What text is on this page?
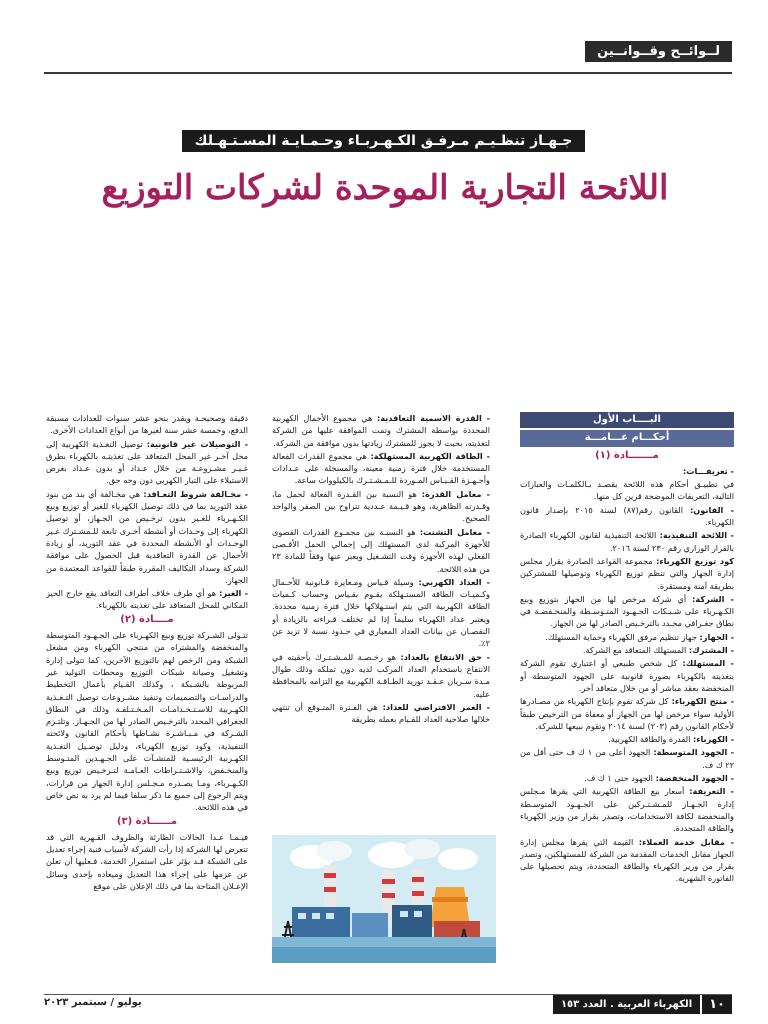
لــوائــح وقــوانــين
جـهـاز تنظـيـم مـرفـق الكـهـربـاء وحـمـايـة المسـتـهـلك
اللائحة التجارية الموحدة لشركات التوزيع
البــــاب الأول
أحكـــام عـــامـــة
مـــــــادة (١)

- تعريفـــات:

في تطبيـق أحكام هذه اللائحة يقصـد بـالكلمـات والعبارات التالية، التعريفات الموضحة قرين كل منها.

- القانون: القانون رقم(٨٧) لسنة ٢٠١٥ بإصدار قانون الكهرباء.

- اللائحة التنفيذية: اللائحة التنفيذية لقانون الكهرباء الصادرة بالقرار الوزاري رقم ٢٣٠ لسنة ٢٠١٦.

كود توزيع الكهرباء: مجموعة القواعد الصادرة بقرار مجلس إدارة الجهاز والتي تنظم توزيع الكهرباء وتوصيلها للمشتركين بطريقة آمنة ومستقرة.

- الشركة: أي شركة مرخص لها من الجهاز بتوزيع وبيع الكـهـرباء على شـبـكات الجـهـود المتـوسـطة والمنخـفضـة في نطاق جغـرافي محـدد بالترخـيص الصادر لها من الجهاز.

- الجهاز: جهاز تنظيم مرفق الكهرباء وحماية المستهلك.

- المشترك: المستهلك المتعاقد مع الشركة.

- المستهلك: كل شخص طبيعي أو اعتباري تقوم الشركة بتغذيته بالكهرباء بصورة قانونية على الجهود المتوسطة أو المنخفضة بعقد مباشر أو من خلال متعاقد آخر.

- منتج الكهرباء: كل شركة تقوم بإنتاج الكهرباء من مصـادرها الأولية سواء مرخص لها من الجهاز أو معفاة من الترخيص طبقاً لأحكام القانون رقم (٢٠٣) لسنة ٢٠١٤ وتقوم ببيعها للشركة.

- الكهرباء: القدرة والطاقة الكهربية.

- الجهود المتوسطة: الجهود أعلى من ١ ك ف حتى أقل من ٢٢ ك ف.

- الجهود المنخفضة: الجهود حتى ١ ك ف.

- التعريفة: أسعار بيع الطاقة الكهربية التي يقرها مـجلس إدارة الجـهـاز للمـشـتـركين على الجـهـود المتوسـطة والمنخفضة لكافة الاستخدامات، وتصدر بقرار من وزير الكهرباء والطاقة المتجددة.

- مقابل خدمة العملاء: القيمة التي يقرها مجلس إدارة الجهاز مقابل الخدمات المقدمة من الشركة للمستهلكين، وتصدر بقرار من وزير الكهرباء والطاقة المتجددة، ويتم تحصيلها على الفاتورة الشهرية.

- القدرة الاسمية التعاقدية: هي مجموع الأحمال الكهربية المحددة بواسطة المشترك وتمت الموافقة عليها من الشركة لتغذيته، بحيث لا يجوز للمشترك زيادتها بدون موافقة من الشركة.

- الطاقة الكهربية المستهلكة: هي مجموع القدرات الفعالة المستخدمة خلال فترة زمنية معينة، والمسجلة على عـدادات وأجـهـزة القـيـاس المـوردة للـمـشـتـرك بالكيلووات ساعة.

- معامل القدرة: هو النسبة بين القـدرة الفعالة لحمل ما، وقـدرته الظاهرية، وهو قـيـمة عـددية تتراوح بين الصفر والواحد الصحيح.

- معامل التشتت: هو النسبـة بين مجمـوع القدرات القصوى للأجهزة المركبة لدى المستهلك إلى إجمالي الحمل الأقـصى الفعلي لهذه الأجهزة وقت التشـغيل ويعبر عنها وفقاً للمادة ٢٣ من هذه اللائحة.

- العداد الكهربي: وسيلة قـياس ومـعايرة قـانونية للأحـمال وكـميـات الطاقة المستـهلكة يقـوم بقـياس وحساب كـميات الطاقة الكهربية التي يتم استـهلاكها خلال فترة زمنية محددة. ويعتبر عداد الكهرباء سليماً إذا لم تختلف قـراءته بالزيادة أو النقصـان عن بيانات العداد المعياري في حـدود نسبة لا تزيد عن ٢٪.

- حق الانتفاع بالعداد: هو رخـصـة للمـشـتـرك بأحقيته في الانتفاع باستخدام العداد المركب لديه دون تملكه وذلك طوال مـدة سـريان عـقـد توريد الطـاقـة الكهربية مع التزامه بالمحافظة عليه.

- العمر الافتراضي للعداد: هي الفـترة المتـوقع أن تنتهي خلالها صلاحية العداد للقـيام بعمله بطريقة

دقيقة وصحيحـة ويقدر بنحو عشر سنوات للعدادات مسبقة الدفع، وخمسة عشر سنة لغيرها من أنواع العدادات الأخرى.

- التوصيلات غير قانونية: توصيل التغـذية الكهربية إلى محل آخـر غير المحل المتعاقد على تغذيتـه بالكهرباء بطرق غـيـر مشـروعـة من خلال عـداد أو بدون عـداد بغرض الاستيلاء على التيار الكهربي دون وجه حق.

- مخـالفة شروط التعـاقد: هي مخـالفة أي بند من بنود عقد التوريد بما في ذلك توصيل الكهرباء للغير أو توزيع وبيع الكـهـرباء للغـير بدون ترخـيص من الجـهاز، أو توصيل الكهرباء إلى وحـدات أو أنشطة أخـرى تابعة للـمشـترك غـير الوحـدات أو الأنشطة المحددة في عقد التوريد، أو زيادة الأحمال عن القدرة التعاقدية قبل الحصول على موافقة الشركة وسداد التكاليف المقررة طبقاً للقواعد المعتمدة من الجهاز.

- الغير: هو أي طرف خلاف أطراف التعاقد يقع خارج الحيز المكاني للمحل المتعاقد على تغذيته بالكهرباء.

مــــادة (٢)

تتـولى الشـركة توزيع وبيع الكهـرباء على الجـهـود المتوسطة والمنخفضة والمشتراه من منتجي الكهرباء ومن مشغل الشبكة ومن الرخص لهم بالتوزيع الآخرين، كما تتولى إدارة وتشغيل وصيانة شبكات التوزيع ومحطات التوليد غير المربوطة بالشـبكة ، وكذلك القـيام بأعمال التخطيط والدراسـات والتصميمات وتنفيذ مشـروعات توصيل التـغـذية الكهـربية للاسـتـخـدامـات المـخـتـلفـة وذلك في النطاق الجغرافي المحدد بالترخـيص الصادر لها من الجـهـاز. وتلتـزم الشـركة في مـبـاشـرة نشـاطها بأحكام القانون ولائحته التنفيذية، وكود توزيع الكهرباء، ودليل توصـيل التغـذية الكهـربية الرئيسـية للمنشـآت على الجـهـدين المتـوسط والمنخـفض، والاشـتـراطات العـامـة لتـرخـيص توزيع وبيع الكـهـرباء، ومـا يصـدره مـجـلس إدارة الجهاز من قرارات، ويتم الرجوع إلى جميع ما ذكر سلفا فيما لم يرد به نص خاص في هذه اللائحة.

مــــــادة (٣)

فيـمـا عـدا الحالات الطارئة والظروف القـهرية التي قد تتعرض لها الشركة إذا رأت الشركة لأسباب فنية إجراء تعديل على الشبكة قـد يؤثر على استمرار الخدمة، فـعليها أن تعلن عن عزمها على إجراء هذا التعديل وميعاده بإحدى وسائل الإعـلان المتاحة بما في ذلك الإعلان على موقع

١٠
الكهرباء العربية . العدد ١٥٣
يوليو / سبتمبر ٢٠٢٣
